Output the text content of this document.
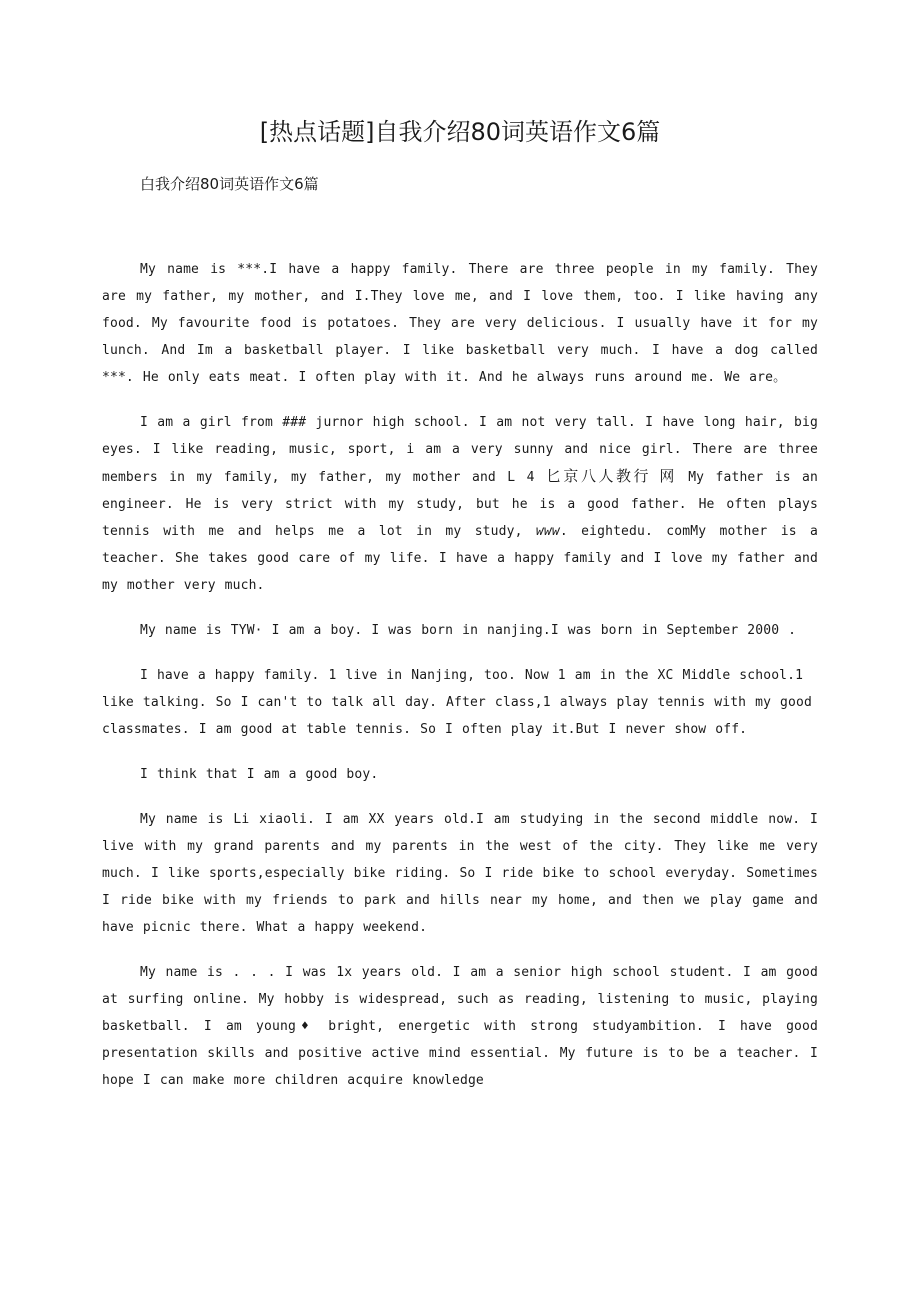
[热点话题]自我介绍80词英语作文6篇
白我介绍80词英语作文6篇

My name is ***.I have a happy family. There are three people in my family. They are my father, my mother, and I.They love me, and I love them, too. I like having any food. My favourite food is potatoes. They are very delicious. I usually have it for my lunch. And Im a basketball player. I like basketball very much. I have a dog called ***. He only eats meat. I often play with it. And he always runs around me. We are。

I am a girl from ### jurnor high school. I am not very tall. I have long hair, big eyes. I like reading, music, sport, i am a very sunny and nice girl. There are three members in my family, my father, my mother and L 4 匕京八人教行 网 My father is an engineer. He is very strict with my study, but he is a good father. He often plays tennis with me and helps me a lot in my study, www. eightedu. comMy mother is a teacher. She takes good care of my life. I have a happy family and I love my father and my mother very much.

My name is TYW· I am a boy. I was born in nanjing.I was born in September 2000 .

I have a happy family. 1 live in Nanjing, too. Now 1 am in the XC Middle school.1 like talking. So I can't to talk all day. After class,1 always play tennis with my good classmates. I am good at table tennis. So I often play it.But I never show off.

I think that I am a good boy.

My name is Li xiaoli. I am XX years old.I am studying in the second middle now. I live with my grand parents and my parents in the west of the city. They like me very much. I like sports,especially bike riding. So I ride bike to school everyday. Sometimes I ride bike with my friends to park and hills near my home, and then we play game and have picnic there. What a happy weekend.

My name is . . . I was 1x years old. I am a senior high school student. I am good at surfing online. My hobby is widespread, such as reading, listening to music, playing basketball. I am young♦ bright, energetic with strong studyambition. I have good presentation skills and positive active mind essential. My future is to be a teacher. I hope I can make more children acquire knowledge
